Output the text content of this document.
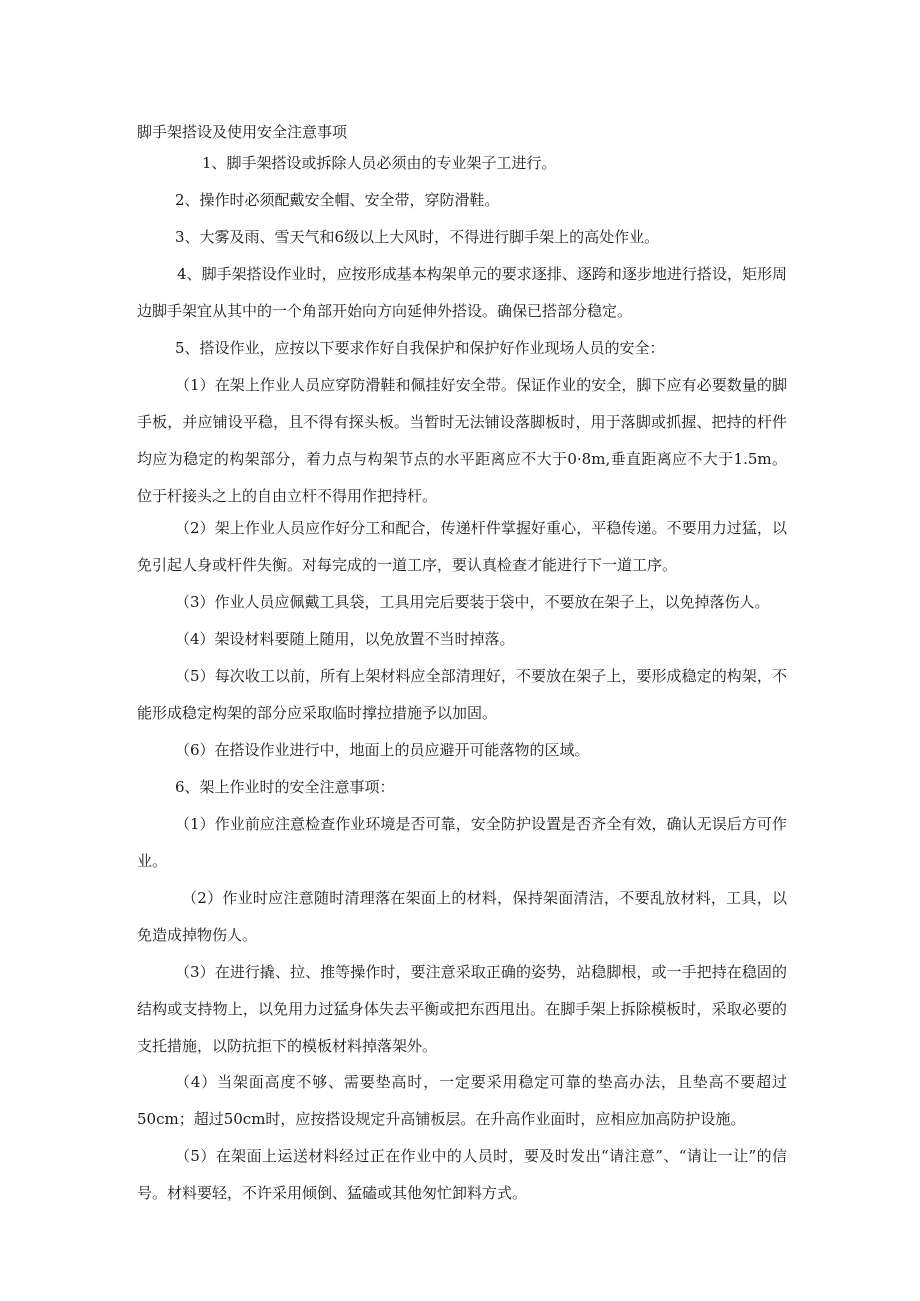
脚手架搭设及使用安全注意事项

1、脚手架搭设或拆除人员必须由的专业架子工进行。

2、操作时必须配戴安全帽、安全带，穿防滑鞋。

3、大雾及雨、雪天气和6级以上大风时，不得进行脚手架上的高处作业。

4、脚手架搭设作业时，应按形成基本构架单元的要求逐排、逐跨和逐步地进行搭设，矩形周边脚手架宜从其中的一个角部开始向方向延伸外搭设。确保已搭部分稳定。

5、搭设作业，应按以下要求作好自我保护和保护好作业现场人员的安全：

（1）在架上作业人员应穿防滑鞋和佩挂好安全带。保证作业的安全，脚下应有必要数量的脚手板，并应铺设平稳，且不得有探头板。当暂时无法铺设落脚板时，用于落脚或抓握、把持的杆件均应为稳定的构架部分，着力点与构架节点的水平距离应不大于0·8m,垂直距离应不大于1.5m。位于杆接头之上的自由立杆不得用作把持杆。

（2）架上作业人员应作好分工和配合，传递杆件掌握好重心，平稳传递。不要用力过猛，以免引起人身或杆件失衡。对每完成的一道工序，要认真检查才能进行下一道工序。

（3）作业人员应佩戴工具袋，工具用完后要装于袋中，不要放在架子上，以免掉落伤人。

（4）架设材料要随上随用，以免放置不当时掉落。

（5）每次收工以前，所有上架材料应全部清理好，不要放在架子上，要形成稳定的构架，不能形成稳定构架的部分应采取临时撑拉措施予以加固。

（6）在搭设作业进行中，地面上的员应避开可能落物的区域。

6、架上作业时的安全注意事项：

（1）作业前应注意检查作业环境是否可靠，安全防护设置是否齐全有效，确认无误后方可作业。

（2）作业时应注意随时清理落在架面上的材料，保持架面清洁，不要乱放材料，工具，以免造成掉物伤人。

（3）在进行撬、拉、推等操作时，要注意采取正确的姿势，站稳脚根，或一手把持在稳固的结构或支持物上，以免用力过猛身体失去平衡或把东西甩出。在脚手架上拆除模板时，采取必要的支托措施，以防抗拒下的模板材料掉落架外。

（4）当架面高度不够、需要垫高时，一定要采用稳定可靠的垫高办法，且垫高不要超过50cm；超过50cm时，应按搭设规定升高铺板层。在升高作业面时，应相应加高防护设施。

（5）在架面上运送材料经过正在作业中的人员时，要及时发出“请注意”、“请让一让”的信号。材料要轻，不许采用倾倒、猛磕或其他匆忙卸料方式。
